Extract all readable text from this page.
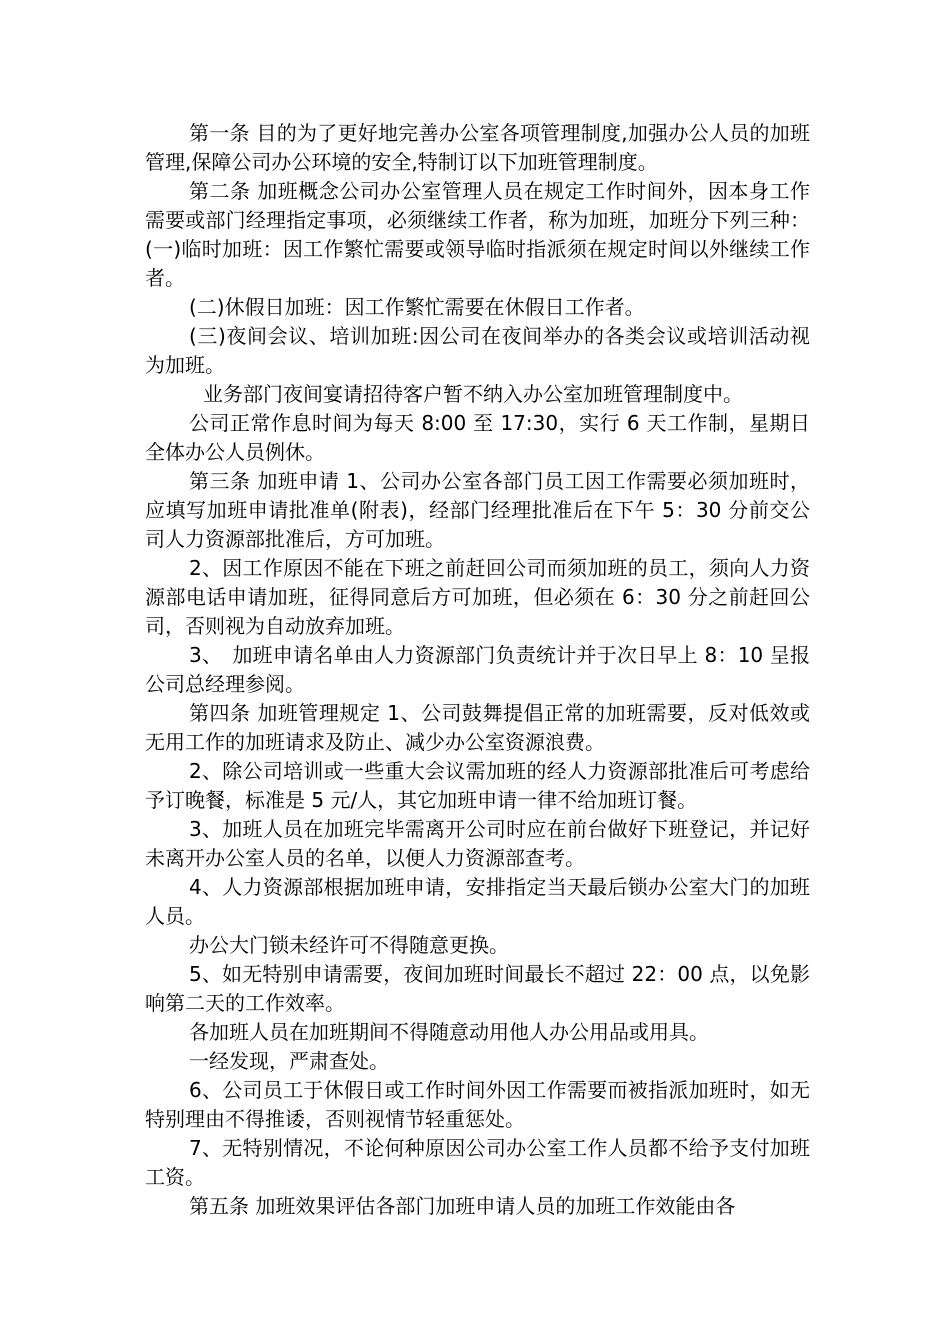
第一条 目的为了更好地完善办公室各项管理制度,加强办公人员的加班管理,保障公司办公环境的安全,特制订以下加班管理制度。

第二条 加班概念公司办公室管理人员在规定工作时间外，因本身工作需要或部门经理指定事项，必须继续工作者，称为加班，加班分下列三种：(一)临时加班：因工作繁忙需要或领导临时指派须在规定时间以外继续工作者。

(二)休假日加班：因工作繁忙需要在休假日工作者。

(三)夜间会议、培训加班:因公司在夜间举办的各类会议或培训活动视为加班。

业务部门夜间宴请招待客户暂不纳入办公室加班管理制度中。

公司正常作息时间为每天 8:00 至 17:30，实行 6 天工作制，星期日全体办公人员例休。

第三条 加班申请 1、公司办公室各部门员工因工作需要必须加班时，应填写加班申请批准单(附表)，经部门经理批准后在下午 5：30 分前交公司人力资源部批准后，方可加班。

2、因工作原因不能在下班之前赶回公司而须加班的员工，须向人力资源部电话申请加班，征得同意后方可加班，但必须在 6：30 分之前赶回公司，否则视为自动放弃加班。

3、　加班申请名单由人力资源部门负责统计并于次日早上 8：10 呈报公司总经理参阅。

第四条 加班管理规定 1、公司鼓舞提倡正常的加班需要，反对低效或无用工作的加班请求及防止、减少办公室资源浪费。

2、除公司培训或一些重大会议需加班的经人力资源部批准后可考虑给予订晚餐，标准是 5 元/人，其它加班申请一律不给加班订餐。

3、加班人员在加班完毕需离开公司时应在前台做好下班登记，并记好未离开办公室人员的名单，以便人力资源部查考。

4、人力资源部根据加班申请，安排指定当天最后锁办公室大门的加班人员。

办公大门锁未经许可不得随意更换。

5、如无特别申请需要，夜间加班时间最长不超过 22：00 点，以免影响第二天的工作效率。

各加班人员在加班期间不得随意动用他人办公用品或用具。

一经发现，严肃查处。

6、公司员工于休假日或工作时间外因工作需要而被指派加班时，如无特别理由不得推诿，否则视情节轻重惩处。

7、无特别情况，不论何种原因公司办公室工作人员都不给予支付加班工资。

第五条 加班效果评估各部门加班申请人员的加班工作效能由各
